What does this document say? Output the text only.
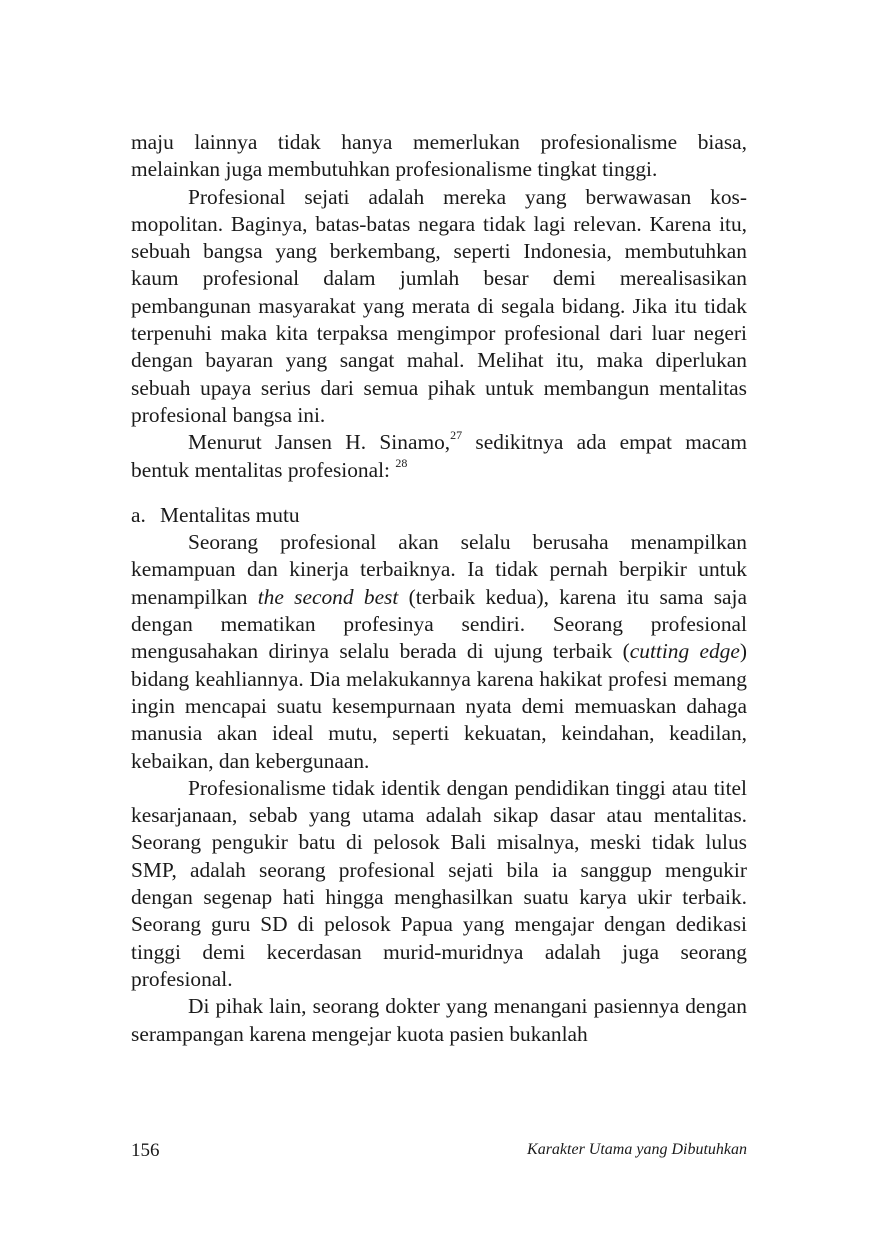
maju lainnya tidak hanya memerlukan profesionalisme biasa, melainkan juga membutuhkan profesionalisme tingkat tinggi.

Profesional sejati adalah mereka yang berwawasan kosmopolitan. Baginya, batas-batas negara tidak lagi relevan. Karena itu, sebuah bangsa yang berkembang, seperti Indonesia, membutuhkan kaum profesional dalam jumlah besar demi merealisasikan pembangunan masyarakat yang merata di segala bidang. Jika itu tidak terpenuhi maka kita terpaksa mengimpor profesional dari luar negeri dengan bayaran yang sangat mahal. Melihat itu, maka diperlukan sebuah upaya serius dari semua pihak untuk membangun mentalitas profesional bangsa ini.

Menurut Jansen H. Sinamo,$^{27}$ sedikitnya ada empat macam bentuk mentalitas profesional: $^{28}$

a. Mentalitas mutu

Seorang profesional akan selalu berusaha menampilkan kemampuan dan kinerja terbaiknya. Ia tidak pernah berpikir untuk menampilkan the second best (terbaik kedua), karena itu sama saja dengan mematikan profesinya sendiri. Seorang profesional mengusahakan dirinya selalu berada di ujung terbaik (cutting edge) bidang keahliannya. Dia melakukannya karena hakikat profesi memang ingin mencapai suatu kesempurnaan nyata demi memuaskan dahaga manusia akan ideal mutu, seperti kekuatan, keindahan, keadilan, kebaikan, dan kebergunaan.

Profesionalisme tidak identik dengan pendidikan tinggi atau titel kesarjanaan, sebab yang utama adalah sikap dasar atau mentalitas. Seorang pengukir batu di pelosok Bali misalnya, meski tidak lulus SMP, adalah seorang profesional sejati bila ia sanggup mengukir dengan segenap hati hingga menghasilkan suatu karya ukir terbaik. Seorang guru SD di pelosok Papua yang mengajar dengan dedikasi tinggi demi kecerdasan murid-muridnya adalah juga seorang profesional.

Di pihak lain, seorang dokter yang menangani pasiennya dengan serampangan karena mengejar kuota pasien bukanlah

156	Karakter Utama yang Dibutuhkan
